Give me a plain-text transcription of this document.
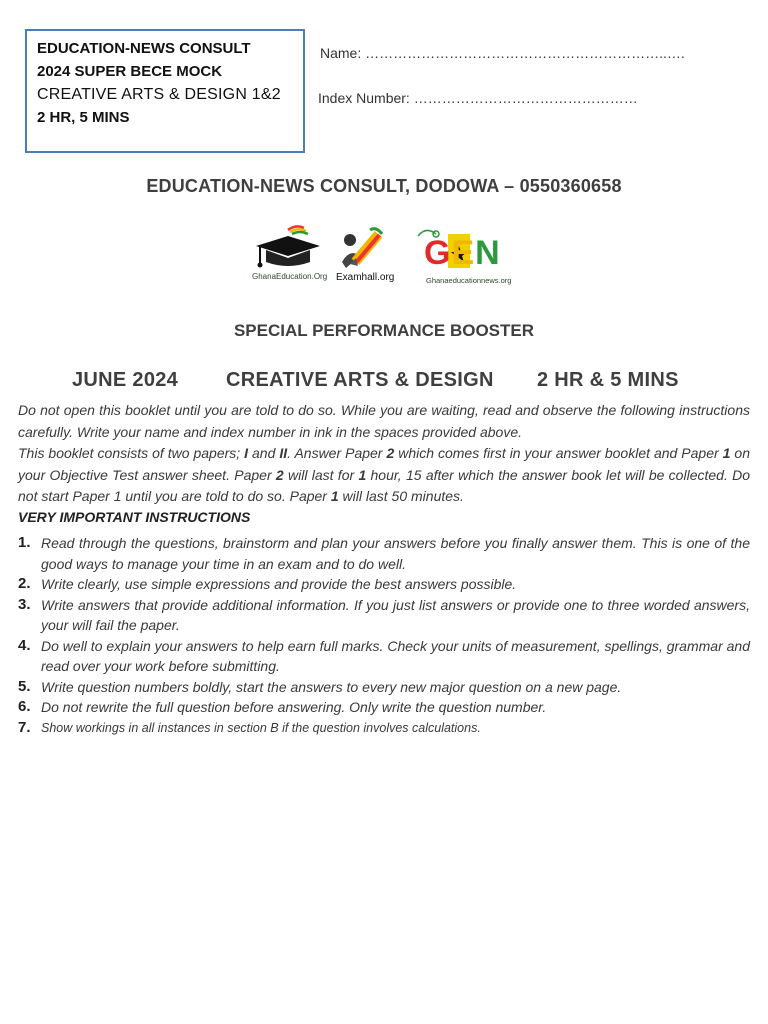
EDUCATION-NEWS CONSULT
2024 SUPER BECE MOCK
CREATIVE ARTS & DESIGN 1&2
2 HR, 5 MINS
Name: ………………………………………………………..….
Index Number: …………………………………………
EDUCATION-NEWS CONSULT, DODOWA – 0550360658
GhanaEducation.Org Examhall.org
GEN
Ghanaeducationnews.org
SPECIAL PERFORMANCE BOOSTER
JUNE 2024 CREATIVE ARTS & DESIGN 2 HR & 5 MINS
Do not open this booklet until you are told to do so. While you are waiting, read and observe the following instructions carefully. Write your name and index number in ink in the spaces provided above.
This booklet consists of two papers; I and II. Answer Paper 2 which comes first in your answer booklet and Paper 1 on your Objective Test answer sheet. Paper 2 will last for 1 hour, 15 after which the answer book let will be collected. Do not start Paper 1 until you are told to do so. Paper 1 will last 50 minutes.
VERY IMPORTANT INSTRUCTIONS
1. Read through the questions, brainstorm and plan your answers before you finally answer them. This is one of the good ways to manage your time in an exam and to do well.
2. Write clearly, use simple expressions and provide the best answers possible.
3. Write answers that provide additional information. If you just list answers or provide one to three worded answers, your will fail the paper.
4. Do well to explain your answers to help earn full marks. Check your units of measurement, spellings, grammar and read over your work before submitting.
5. Write question numbers boldly, start the answers to every new major question on a new page.
6. Do not rewrite the full question before answering. Only write the question number.
7. Show workings in all instances in section B if the question involves calculations.
